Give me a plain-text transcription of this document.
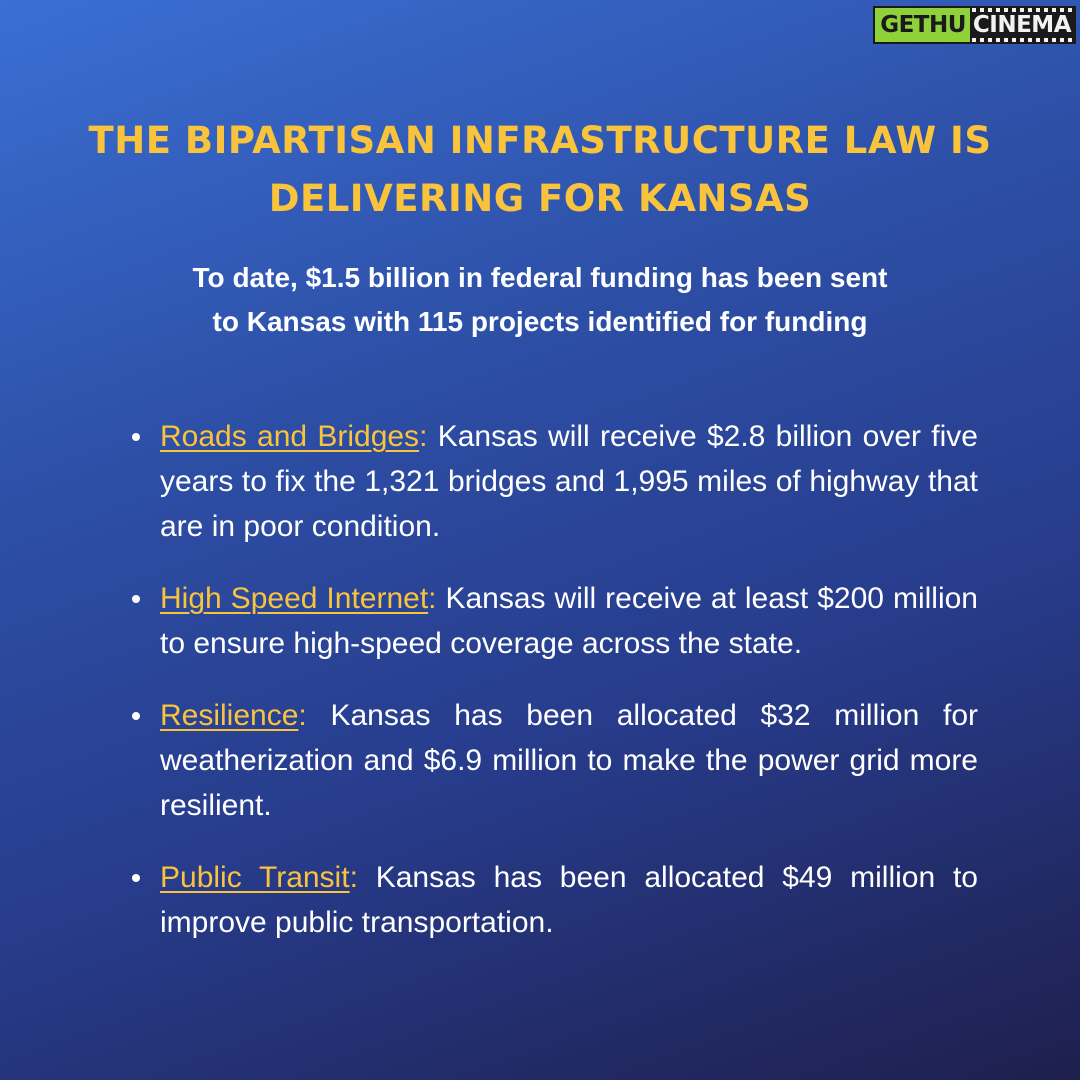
GETHU CINEMA
THE BIPARTISAN INFRASTRUCTURE LAW IS
DELIVERING FOR KANSAS
To date, $1.5 billion in federal funding has been sent
to Kansas with 115 projects identified for funding
Roads and Bridges: Kansas will receive $2.8 billion over five years to fix the 1,321 bridges and 1,995 miles of highway that are in poor condition.
High Speed Internet: Kansas will receive at least $200 million to ensure high-speed coverage across the state.
Resilience: Kansas has been allocated $32 million for weatherization and $6.9 million to make the power grid more resilient.
Public Transit: Kansas has been allocated $49 million to improve public transportation.
